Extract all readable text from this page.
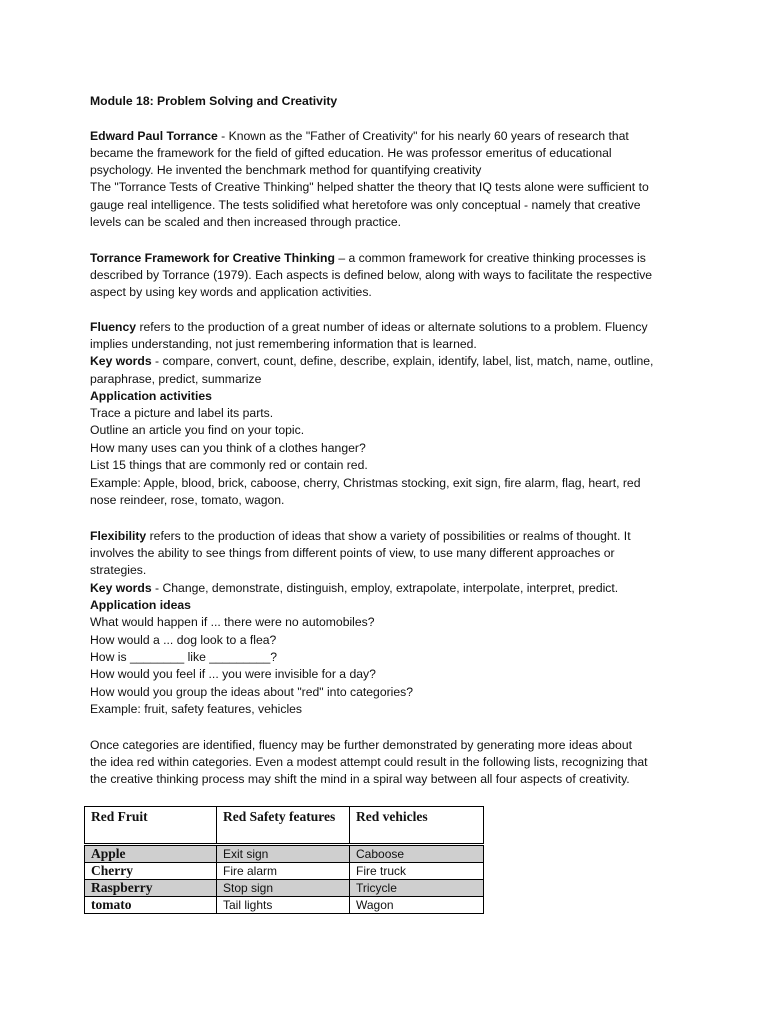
Module 18: Problem Solving and Creativity
Edward Paul Torrance - Known as the "Father of Creativity" for his nearly 60 years of research that
became the framework for the field of gifted education. He was professor emeritus of educational
psychology. He invented the benchmark method for quantifying creativity
The "Torrance Tests of Creative Thinking" helped shatter the theory that IQ tests alone were sufficient to
gauge real intelligence. The tests solidified what heretofore was only conceptual - namely that creative
levels can be scaled and then increased through practice.
Torrance Framework for Creative Thinking – a common framework for creative thinking processes is
described by Torrance (1979). Each aspects is defined below, along with ways to facilitate the respective
aspect by using key words and application activities.
Fluency refers to the production of a great number of ideas or alternate solutions to a problem. Fluency
implies understanding, not just remembering information that is learned.
Key words - compare, convert, count, define, describe, explain, identify, label, list, match, name, outline,
paraphrase, predict, summarize
Application activities
Trace a picture and label its parts.
Outline an article you find on your topic.
How many uses can you think of a clothes hanger?
List 15 things that are commonly red or contain red.
Example: Apple, blood, brick, caboose, cherry, Christmas stocking, exit sign, fire alarm, flag, heart, red
nose reindeer, rose, tomato, wagon.
Flexibility refers to the production of ideas that show a variety of possibilities or realms of thought. It
involves the ability to see things from different points of view, to use many different approaches or
strategies.
Key words - Change, demonstrate, distinguish, employ, extrapolate, interpolate, interpret, predict.
Application ideas
What would happen if ... there were no automobiles?
How would a ... dog look to a flea?
How is ________ like _________?
How would you feel if ... you were invisible for a day?
How would you group the ideas about "red" into categories?
Example: fruit, safety features, vehicles
Once categories are identified, fluency may be further demonstrated by generating more ideas about
the idea red within categories. Even a modest attempt could result in the following lists, recognizing that
the creative thinking process may shift the mind in a spiral way between all four aspects of creativity.
Red Fruit	Red Safety features	Red vehicles
Apple	Exit sign	Caboose
Cherry	Fire alarm	Fire truck
Raspberry	Stop sign	Tricycle
tomato	Tail lights	Wagon
